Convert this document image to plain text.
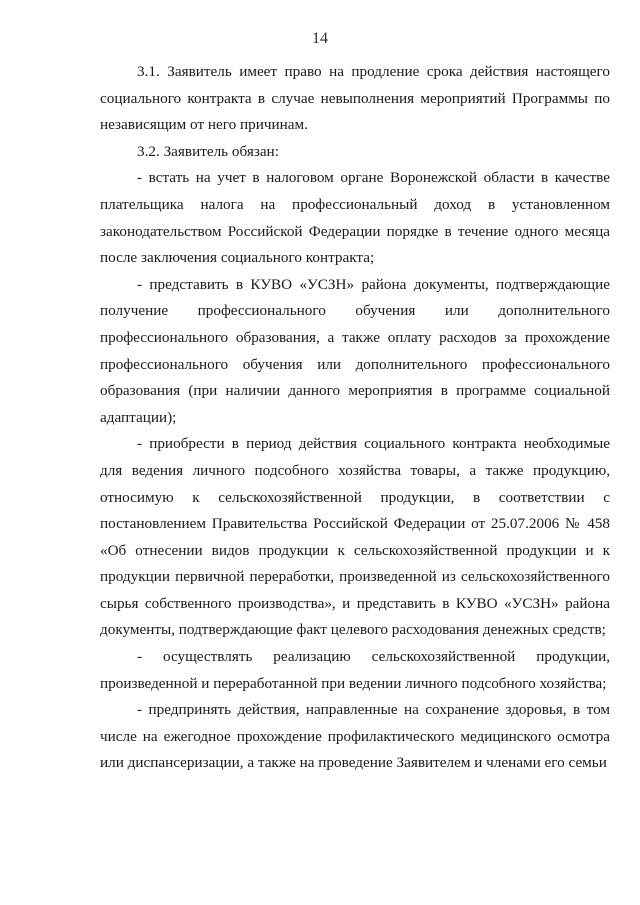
14

3.1. Заявитель имеет право на продление срока действия настоящего социального контракта в случае невыполнения мероприятий Программы по независящим от него причинам.

3.2. Заявитель обязан:

- встать на учет в налоговом органе Воронежской области в качестве плательщика налога на профессиональный доход в установленном законодательством Российской Федерации порядке в течение одного месяца после заключения социального контракта;

- представить в КУВО «УСЗН» района документы, подтверждающие получение профессионального обучения или дополнительного профессионального образования, а также оплату расходов за прохождение профессионального обучения или дополнительного профессионального образования (при наличии данного мероприятия в программе социальной адаптации);

- приобрести в период действия социального контракта необходимые для ведения личного подсобного хозяйства товары, а также продукцию, относимую к сельскохозяйственной продукции, в соответствии с постановлением Правительства Российской Федерации от 25.07.2006 № 458 «Об отнесении видов продукции к сельскохозяйственной продукции и к продукции первичной переработки, произведенной из сельскохозяйственного сырья собственного производства», и представить в КУВО «УСЗН» района документы, подтверждающие факт целевого расходования денежных средств;

- осуществлять реализацию сельскохозяйственной продукции, произведенной и переработанной при ведении личного подсобного хозяйства;

- предпринять действия, направленные на сохранение здоровья, в том числе на ежегодное прохождение профилактического медицинского осмотра или диспансеризации, а также на проведение Заявителем и членами его семьи
